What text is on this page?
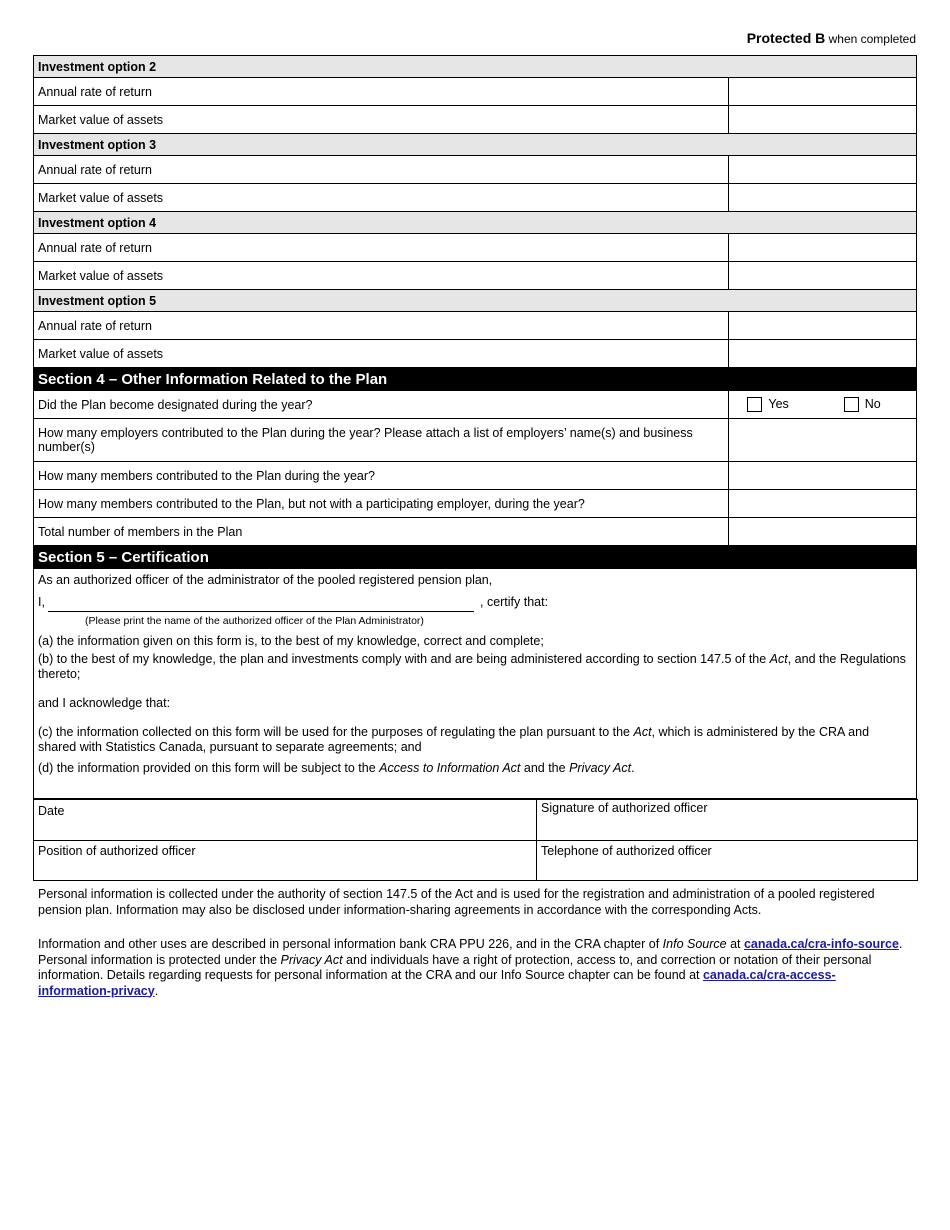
Protected B when completed
Investment option 2	
Annual rate of return	
Market value of assets	
Investment option 3	
Annual rate of return	
Market value of assets	
Investment option 4	
Annual rate of return	
Market value of assets	
Investment option 5	
Annual rate of return	
Market value of assets	
Section 4 – Other Information Related to the Plan	
Did the Plan become designated during the year?	Yes No
How many employers contributed to the Plan during the year? Please attach a list of employers’ name(s) and business number(s)	
How many members contributed to the Plan during the year?	
How many members contributed to the Plan, but not with a participating employer, during the year?	
Total number of members in the Plan	
Section 5 – Certification	

As an authorized officer of the administrator of the pooled registered pension plan,

I,	, certify that:

(Please print the name of the authorized officer of the Plan Administrator)

(a) the information given on this form is, to the best of my knowledge, correct and complete;

(b) to the best of my knowledge, the plan and investments comply with and are being administered according to section 147.5 of the Act, and the Regulations thereto;

and I acknowledge that:

(c) the information collected on this form will be used for the purposes of regulating the plan pursuant to the Act, which is administered by the CRA and shared with Statistics Canada, pursuant to separate agreements; and

(d) the information provided on this form will be subject to the Access to Information Act and the Privacy Act.

Date	Signature of authorized officer
Position of authorized officer	Telephone of authorized officer

Personal information is collected under the authority of section 147.5 of the Act and is used for the registration and administration of a pooled registered pension plan. Information may also be disclosed under information-sharing agreements in accordance with the corresponding Acts.

Information and other uses are described in personal information bank CRA PPU 226, and in the CRA chapter of Info Source at canada.ca/cra-info-source. Personal information is protected under the Privacy Act and individuals have a right of protection, access to, and correction or notation of their personal information. Details regarding requests for personal information at the CRA and our Info Source chapter can be found at canada.ca/cra-access-information-privacy.
